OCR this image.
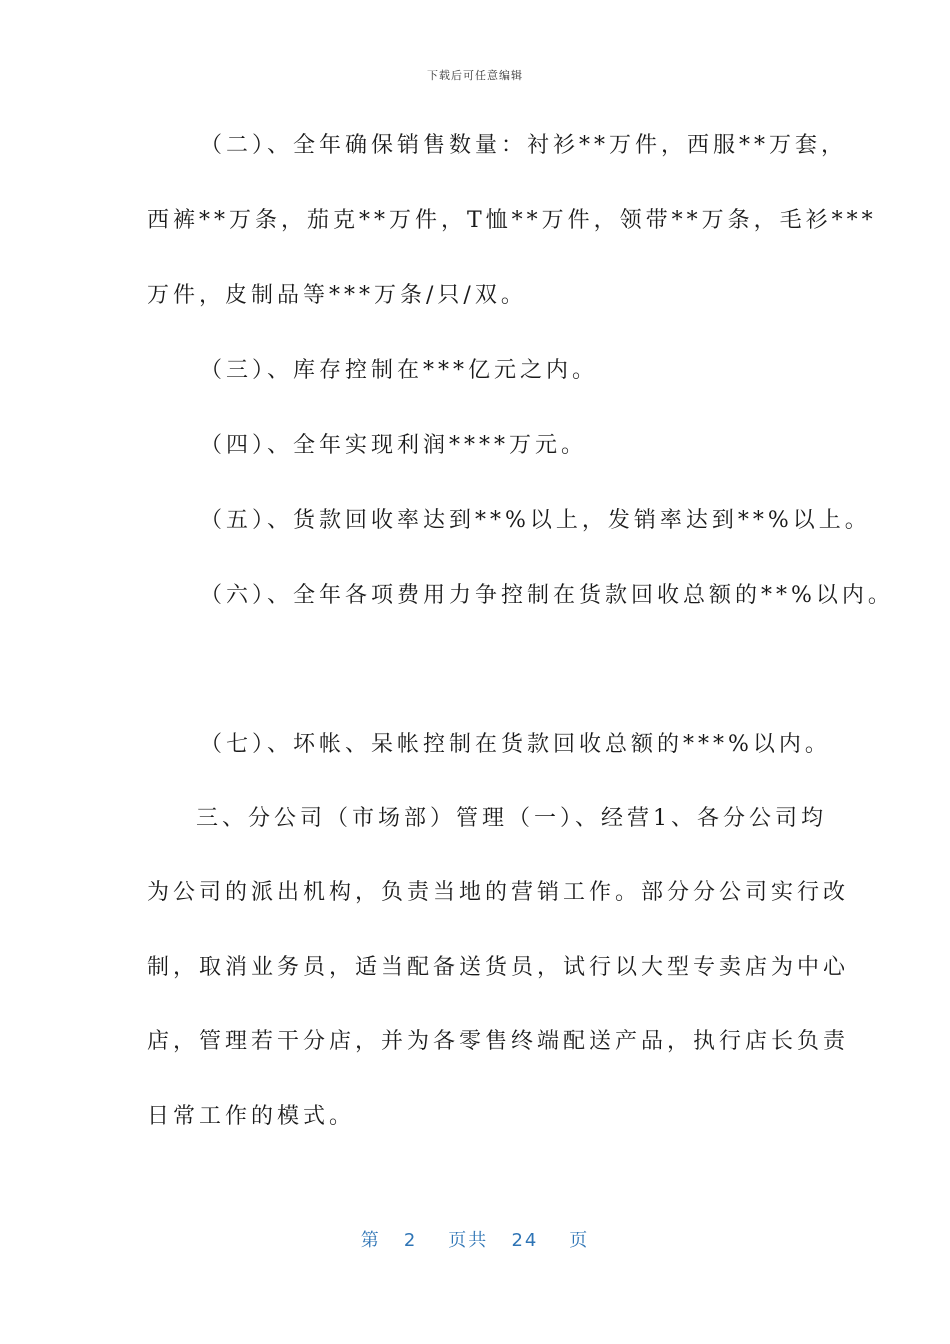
下载后可任意编辑
（二）、全年确保销售数量：衬衫**万件，西服**万套，
西裤**万条，茄克**万件，T恤**万件，领带**万条，毛衫***
万件，皮制品等***万条/只/双。
（三）、库存控制在***亿元之内。
（四）、全年实现利润****万元。
（五）、货款回收率达到**%以上，发销率达到**%以上。
（六）、全年各项费用力争控制在货款回收总额的**%以内。
（七）、坏帐、呆帐控制在货款回收总额的***%以内。
三、分公司（市场部）管理（一）、经营1、各分公司均
为公司的派出机构，负责当地的营销工作。部分分公司实行改
制，取消业务员，适当配备送货员，试行以大型专卖店为中心
店，管理若干分店，并为各零售终端配送产品，执行店长负责
日常工作的模式。
第 2 页共 24 页
